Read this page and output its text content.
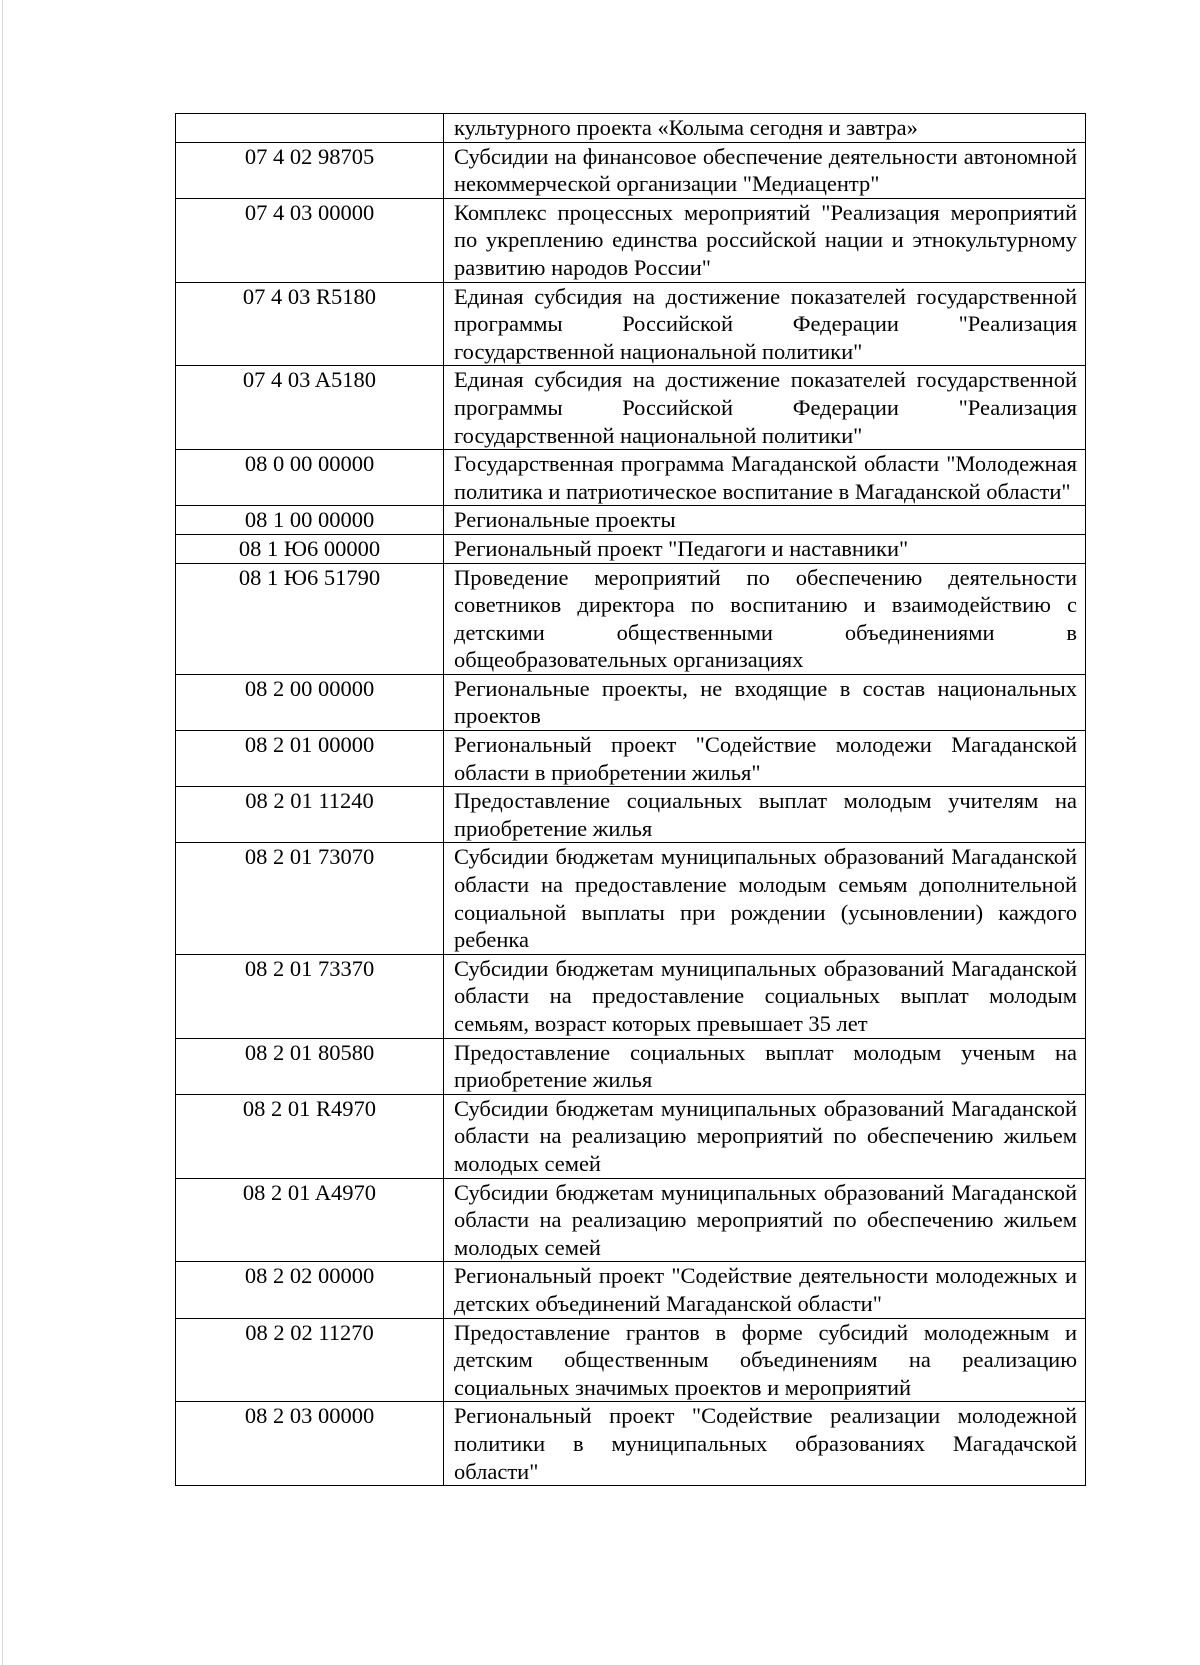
	культурного проекта «Колыма сегодня и завтра»

07 4 02 98705	Субсидии на финансовое обеспечение деятельности автономной некоммерческой организации "Медиацентр"

07 4 03 00000	Комплекс процессных мероприятий "Реализация мероприятий по укреплению единства российской нации и этнокультурному развитию народов России"

07 4 03 R5180	Единая субсидия на достижение показателей государственной программы Российской Федерации "Реализация государственной национальной политики"

07 4 03 A5180	Единая субсидия на достижение показателей государственной программы Российской Федерации "Реализация государственной национальной политики"

08 0 00 00000	Государственная программа Магаданской области "Молодежная политика и патриотическое воспитание в Магаданской области"

08 1 00 00000	Региональные проекты

08 1 Ю6 00000	Региональный проект "Педагоги и наставники"

08 1 Ю6 51790	Проведение мероприятий по обеспечению деятельности советников директора по воспитанию и взаимодействию с детскими общественными объединениями в общеобразовательных организациях

08 2 00 00000	Региональные проекты, не входящие в состав национальных проектов

08 2 01 00000	Региональный проект "Содействие молодежи Магаданской области в приобретении жилья"

08 2 01 11240	Предоставление социальных выплат молодым учителям на приобретение жилья

08 2 01 73070	Субсидии бюджетам муниципальных образований Магаданской области на предоставление молодым семьям дополнительной социальной выплаты при рождении (усыновлении) каждого ребенка

08 2 01 73370	Субсидии бюджетам муниципальных образований Магаданской области на предоставление социальных выплат молодым семьям, возраст которых превышает 35 лет

08 2 01 80580	Предоставление социальных выплат молодым ученым на приобретение жилья

08 2 01 R4970	Субсидии бюджетам муниципальных образований Магаданской области на реализацию мероприятий по обеспечению жильем молодых семей

08 2 01 A4970	Субсидии бюджетам муниципальных образований Магаданской области на реализацию мероприятий по обеспечению жильем молодых семей

08 2 02 00000	Региональный проект "Содействие деятельности молодежных и детских объединений Магаданской области"

08 2 02 11270	Предоставление грантов в форме субсидий молодежным и детским общественным объединениям на реализацию социальных значимых проектов и мероприятий

08 2 03 00000	Региональный проект "Содействие реализации молодежной политики в муниципальных образованиях Магадачской области"
